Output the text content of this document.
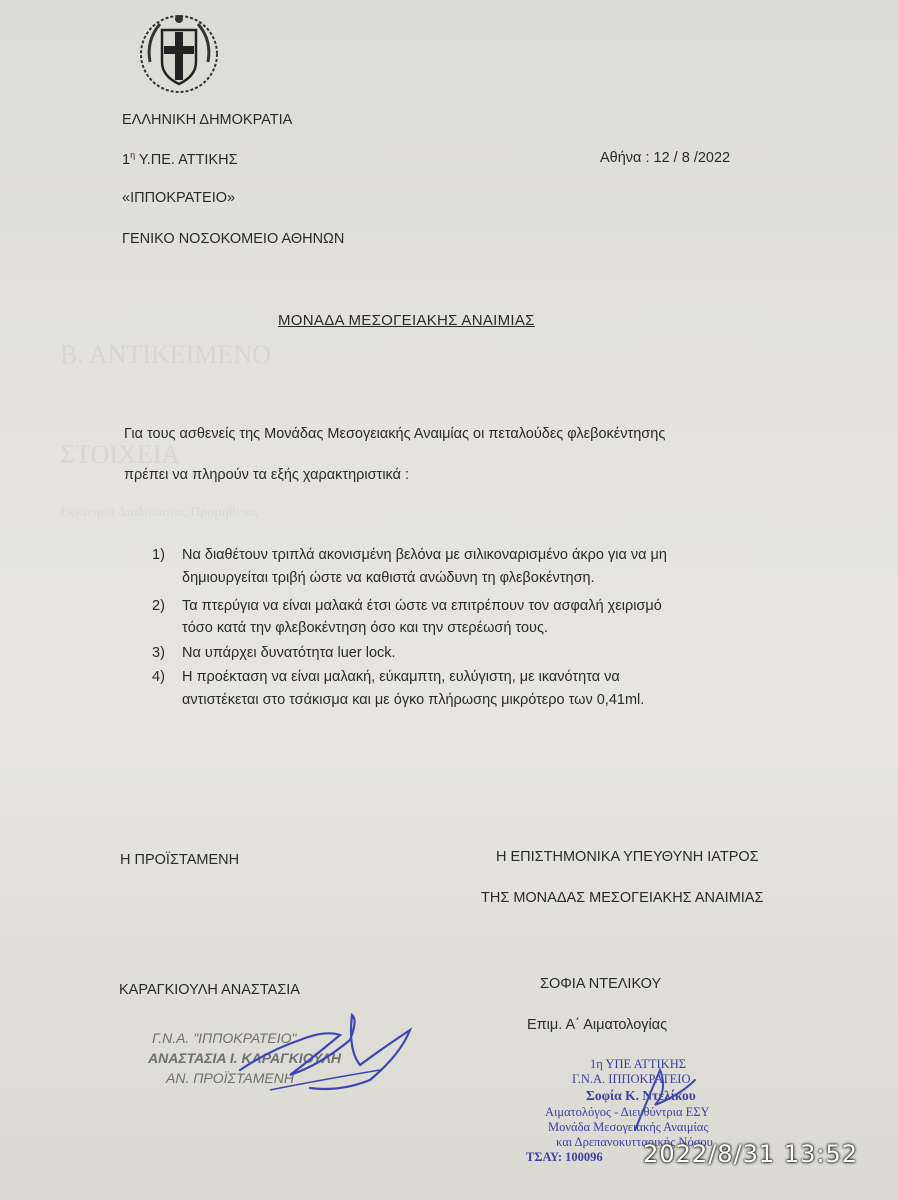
Β. ΑΝΤΙΚΕΙΜΕΝΟ
ΣΤΟΙΧΕΙΑ
Εκκίνηση Διαδικασίας Προμήθειας
ΕΛΛΗΝΙΚΗ ΔΗΜΟΚΡΑΤΙΑ
$1^\eta$ Υ.ΠΕ. ΑΤΤΙΚΗΣ	Αθήνα : 12 / 8 /2022
«ΙΠΠΟΚΡΑΤΕΙΟ»
ΓΕΝΙΚΟ ΝΟΣΟΚΟΜΕΙΟ ΑΘΗΝΩΝ
ΜΟΝΑΔΑ ΜΕΣΟΓΕΙΑΚΗΣ ΑΝΑΙΜΙΑΣ
Για τους ασθενείς της Μονάδας Μεσογειακής Αναιμίας οι πεταλούδες φλεβοκέντησης
πρέπει να πληρούν τα εξής χαρακτηριστικά :
1) Να διαθέτουν τριπλά ακονισμένη βελόνα με σιλικοναρισμένο άκρο για να μη
δημιουργείται τριβή ώστε να καθιστά ανώδυνη τη φλεβοκέντηση.
2) Τα πτερύγια να είναι μαλακά έτσι ώστε να επιτρέπουν τον ασφαλή χειρισμό
τόσο κατά την φλεβοκέντηση όσο και την στερέωσή τους.
3) Να υπάρχει δυνατότητα luer lock.
4) Η προέκταση να είναι μαλακή, εύκαμπτη, ευλύγιστη, με ικανότητα να
αντιστέκεται στο τσάκισμα και με όγκο πλήρωσης μικρότερο των 0,41ml.
Η ΠΡΟΪΣΤΑΜΕΝΗ	Η ΕΠΙΣΤΗΜΟΝΙΚΑ ΥΠΕΥΘΥΝΗ ΙΑΤΡΟΣ
ΤΗΣ ΜΟΝΑΔΑΣ ΜΕΣΟΓΕΙΑΚΗΣ ΑΝΑΙΜΙΑΣ
ΚΑΡΑΓΚΙΟΥΛΗ ΑΝΑΣΤΑΣΙΑ	ΣΟΦΙΑ ΝΤΕΛΙΚΟΥ
Επιμ. Α΄ Αιματολογίας
Γ.Ν.Α. "ΙΠΠΟΚΡΑΤΕΙΟ"
ΑΝΑΣΤΑΣΙΑ Ι. ΚΑΡΑΓΚΙΟΥΛΗ
ΑΝ. ΠΡΟΪΣΤΑΜΕΝΗ
1η ΥΠΕ ΑΤΤΙΚΗΣ
Γ.Ν.Α. ΙΠΠΟΚΡΑΤΕΙΟ
Σοφία Κ. Ντελίκου
Αιματολόγος - Διευθύντρια ΕΣΥ
Μονάδα Μεσογειακής Αναιμίας
και Δρεπανοκυτταρικής Νόσου
ΤΣΑΥ: 100096 2022/8/31 13:52
